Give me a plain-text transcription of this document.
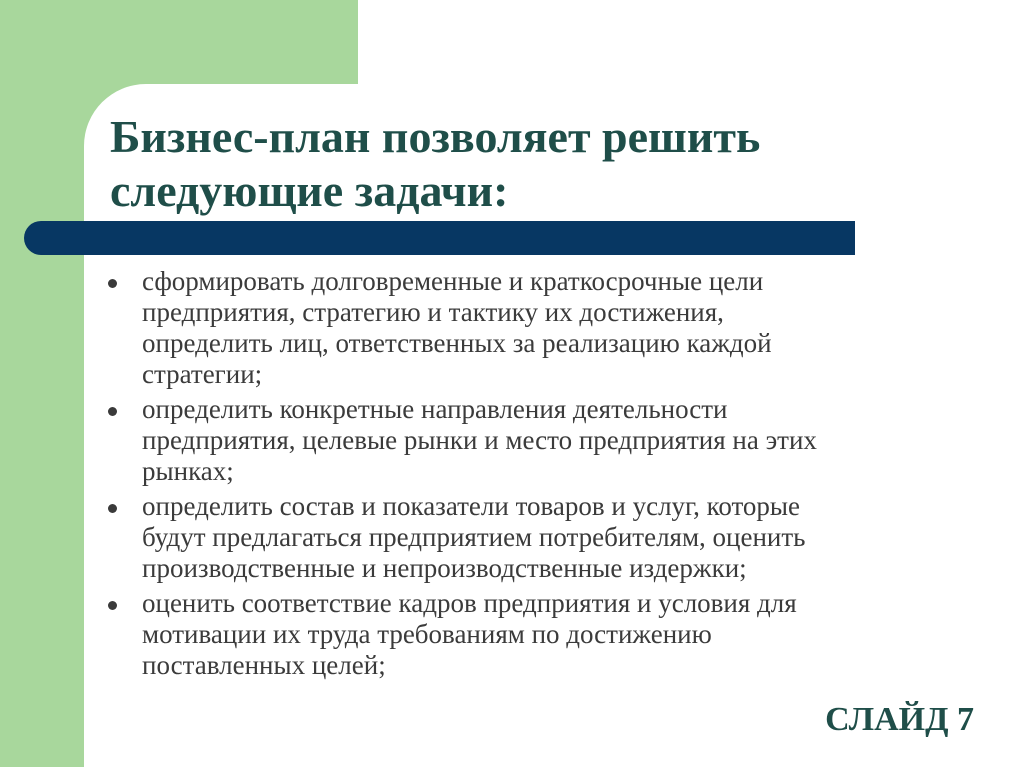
Бизнес-план позволяет решить
следующие задачи:
сформировать долговременные и краткосрочные цели
предприятия, стратегию и тактику их достижения,
определить лиц, ответственных за реализацию каждой
стратегии;
определить конкретные направления деятельности
предприятия, целевые рынки и место предприятия на этих
рынках;
определить состав и показатели товаров и услуг, которые
будут предлагаться предприятием потребителям, оценить
производственные и непроизводственные издержки;
оценить соответствие кадров предприятия и условия для
мотивации их труда требованиям по достижению
поставленных целей;

СЛАЙД 7
